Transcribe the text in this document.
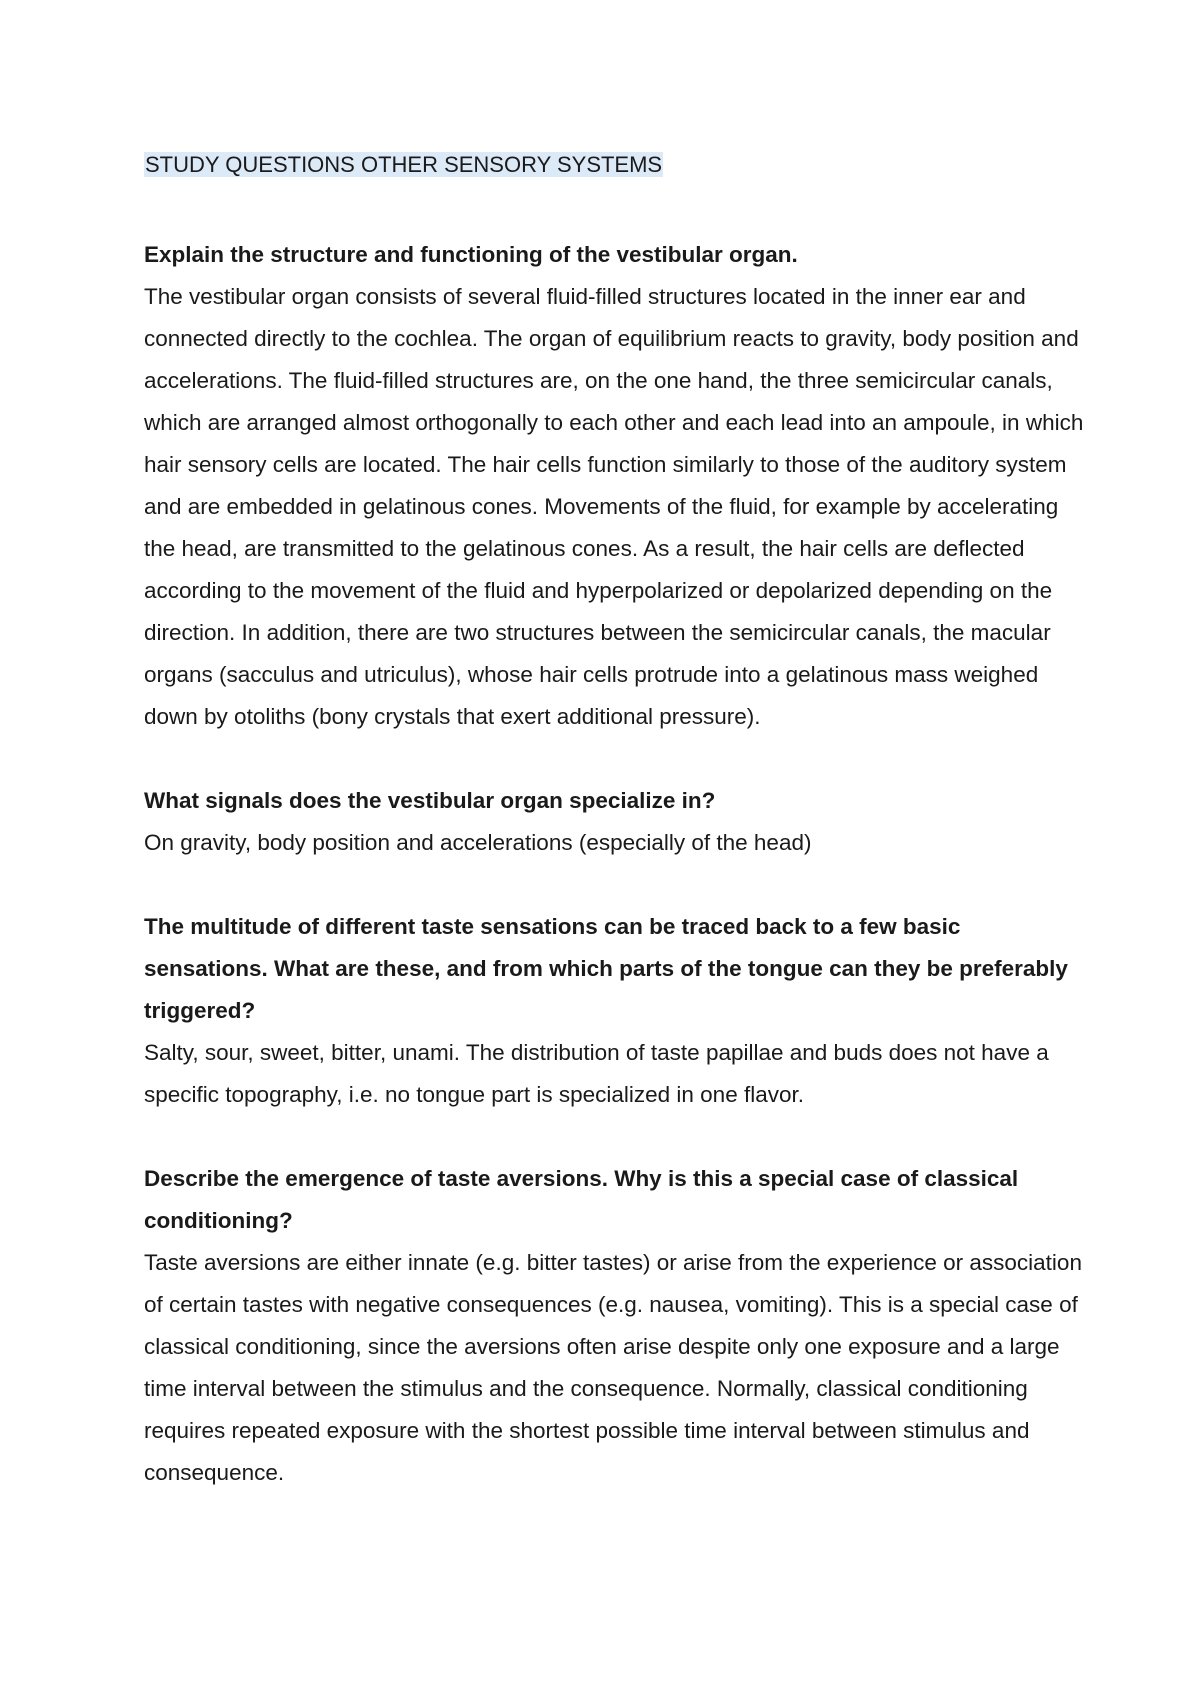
STUDY QUESTIONS OTHER SENSORY SYSTEMS

Explain the structure and functioning of the vestibular organ.

The vestibular organ consists of several fluid-filled structures located in the inner ear and connected directly to the cochlea. The organ of equilibrium reacts to gravity, body position and accelerations. The fluid-filled structures are, on the one hand, the three semicircular canals, which are arranged almost orthogonally to each other and each lead into an ampoule, in which hair sensory cells are located. The hair cells function similarly to those of the auditory system and are embedded in gelatinous cones. Movements of the fluid, for example by accelerating the head, are transmitted to the gelatinous cones. As a result, the hair cells are deflected according to the movement of the fluid and hyperpolarized or depolarized depending on the direction. In addition, there are two structures between the semicircular canals, the macular organs (sacculus and utriculus), whose hair cells protrude into a gelatinous mass weighed down by otoliths (bony crystals that exert additional pressure).

What signals does the vestibular organ specialize in?

On gravity, body position and accelerations (especially of the head)

The multitude of different taste sensations can be traced back to a few basic sensations. What are these, and from which parts of the tongue can they be preferably triggered?

Salty, sour, sweet, bitter, unami. The distribution of taste papillae and buds does not have a specific topography, i.e. no tongue part is specialized in one flavor.

Describe the emergence of taste aversions. Why is this a special case of classical conditioning?

Taste aversions are either innate (e.g. bitter tastes) or arise from the experience or association of certain tastes with negative consequences (e.g. nausea, vomiting). This is a special case of classical conditioning, since the aversions often arise despite only one exposure and a large time interval between the stimulus and the consequence. Normally, classical conditioning requires repeated exposure with the shortest possible time interval between stimulus and consequence.
